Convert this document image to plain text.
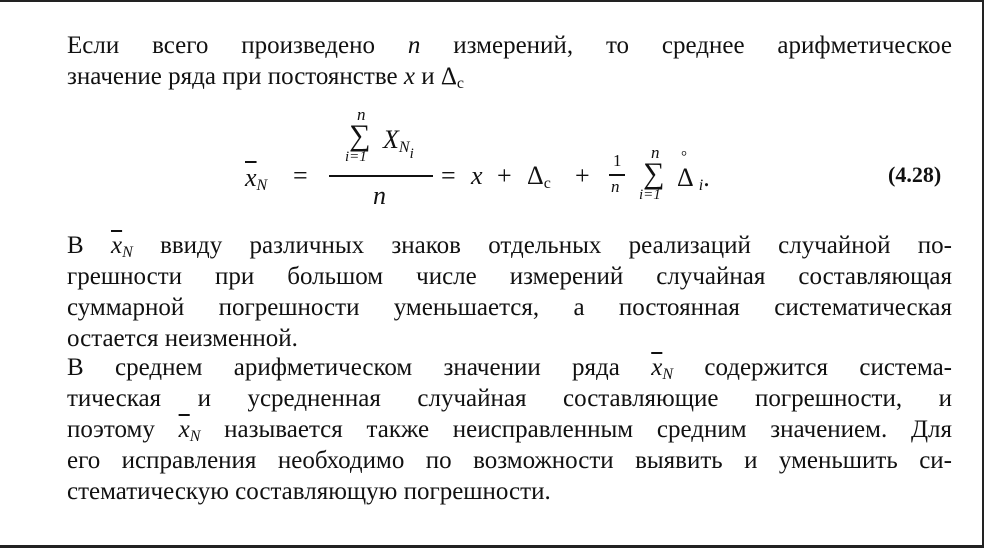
Если всего произведено n измерений, то среднее арифметическое
значение ряда при постоянстве x и $\Delta_c$
$\overline{x}_N$ =
n
∑
i=1
$X_{Ni}$
n
= $x + \Delta_c$ +
1
n
n
∑
i=1
Δ
°
$_i$.	(4.28)
В $\overline{x}_N$ ввиду различных знаков отдельных реализаций случайной по-
грешности при большом числе измерений случайная составляющая
суммарной погрешности уменьшается, а постоянная систематическая
остается неизменной.
В среднем арифметическом значении ряда $\overline{x}_N$ содержится система-
тическая и усредненная случайная составляющие погрешности, и
поэтому $\overline{x}_N$ называется также неисправленным средним значением. Для
его исправления необходимо по возможности выявить и уменьшить си-
стематическую составляющую погрешности.
